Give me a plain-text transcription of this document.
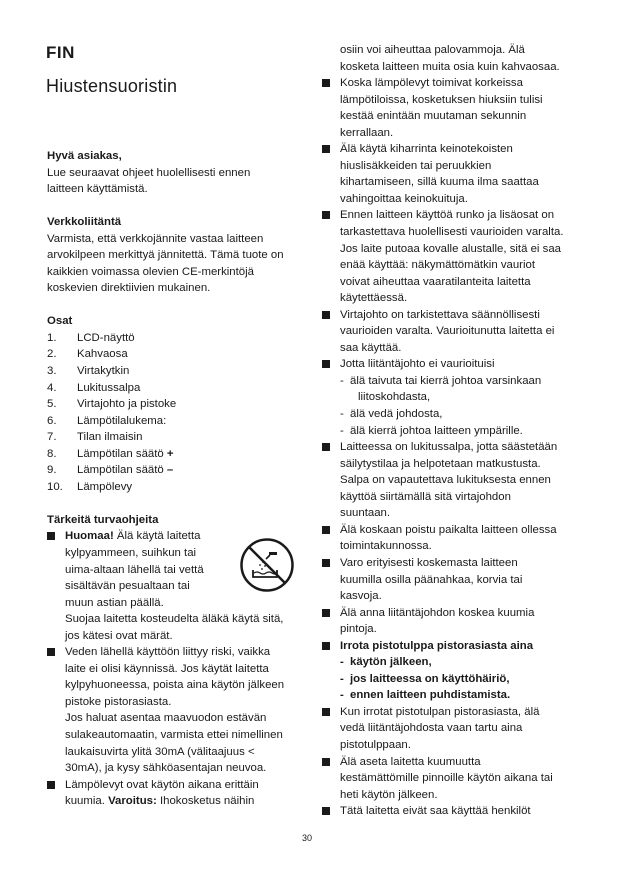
FIN
Hiustensuoristin

Hyvä asiakas,

Lue seuraavat ohjeet huolellisesti ennen

laitteen käyttämistä.

Verkkoliitäntä

Varmista, että verkkojännite vastaa laitteen

arvokilpeen merkittyä jännitettä. Tämä tuote on

kaikkien voimassa olevien CE-merkintöjä

koskevien direktiivien mukainen.

Osat

1. LCD-näyttö
2. Kahvaosa
3. Virtakytkin
4. Lukitussalpa
5. Virtajohto ja pistoke
6. Lämpötilalukema:
7. Tilan ilmaisin
8. Lämpötilan säätö +
9. Lämpötilan säätö –
10. Lämpölevy

Tärkeitä turvaohjeita

Huomaa! Älä käytä laitetta

kylpyammeen, suihkun tai

uima-altaan lähellä tai vettä

sisältävän pesualtaan tai

muun astian päällä.

Suojaa laitetta kosteudelta äläkä käytä sitä,

jos kätesi ovat märät.

Veden lähellä käyttöön liittyy riski, vaikka

laite ei olisi käynnissä. Jos käytät laitetta

kylpyhuoneessa, poista aina käytön jälkeen

pistoke pistorasiasta.

Jos haluat asentaa maavuodon estävän

sulakeautomaatin, varmista ettei nimellinen

laukaisuvirta ylitä 30mA (välitaajuus <

30mA), ja kysy sähköasentajan neuvoa.

Lämpölevyt ovat käytön aikana erittäin

kuumia. Varoitus: Ihokosketus näihin

osiin voi aiheuttaa palovammoja. Älä

kosketa laitteen muita osia kuin kahvaosaa.

Koska lämpölevyt toimivat korkeissa

lämpötiloissa, kosketuksen hiuksiin tulisi

kestää enintään muutaman sekunnin

kerrallaan.

Älä käytä kiharrinta keinotekoisten

hiuslisäkkeiden tai peruukkien

kihartamiseen, sillä kuuma ilma saattaa

vahingoittaa keinokuituja.

Ennen laitteen käyttöä runko ja lisäosat on

tarkastettava huolellisesti vaurioiden varalta.

Jos laite putoaa kovalle alustalle, sitä ei saa

enää käyttää: näkymättömätkin vauriot

voivat aiheuttaa vaaratilanteita laitetta

käytettäessä.

Virtajohto on tarkistettava säännöllisesti

vaurioiden varalta. Vaurioitunutta laitetta ei

saa käyttää.

Jotta liitäntäjohto ei vaurioituisi
- älä taivuta tai kierrä johtoa varsinkaan

liitoskohdasta,

- älä vedä johdosta,
- älä kierrä johtoa laitteen ympärille.
Laitteessa on lukitussalpa, jotta säästetään

säilytystilaa ja helpotetaan matkustusta.

Salpa on vapautettava lukituksesta ennen

käyttöä siirtämällä sitä virtajohdon

suuntaan.

Älä koskaan poistu paikalta laitteen ollessa

toimintakunnossa.

Varo erityisesti koskemasta laitteen

kuumilla osilla päänahkaa, korvia tai

kasvoja.

Älä anna liitäntäjohdon koskea kuumia

pintoja.

Irrota pistotulppa pistorasiasta aina
- käytön jälkeen,
- jos laitteessa on käyttöhäiriö,
- ennen laitteen puhdistamista.
Kun irrotat pistotulpan pistorasiasta, älä

vedä liitäntäjohdosta vaan tartu aina

pistotulppaan.

Älä aseta laitetta kuumuutta

kestämättömille pinnoille käytön aikana tai

heti käytön jälkeen.

Tätä laitetta eivät saa käyttää henkilöt
30
